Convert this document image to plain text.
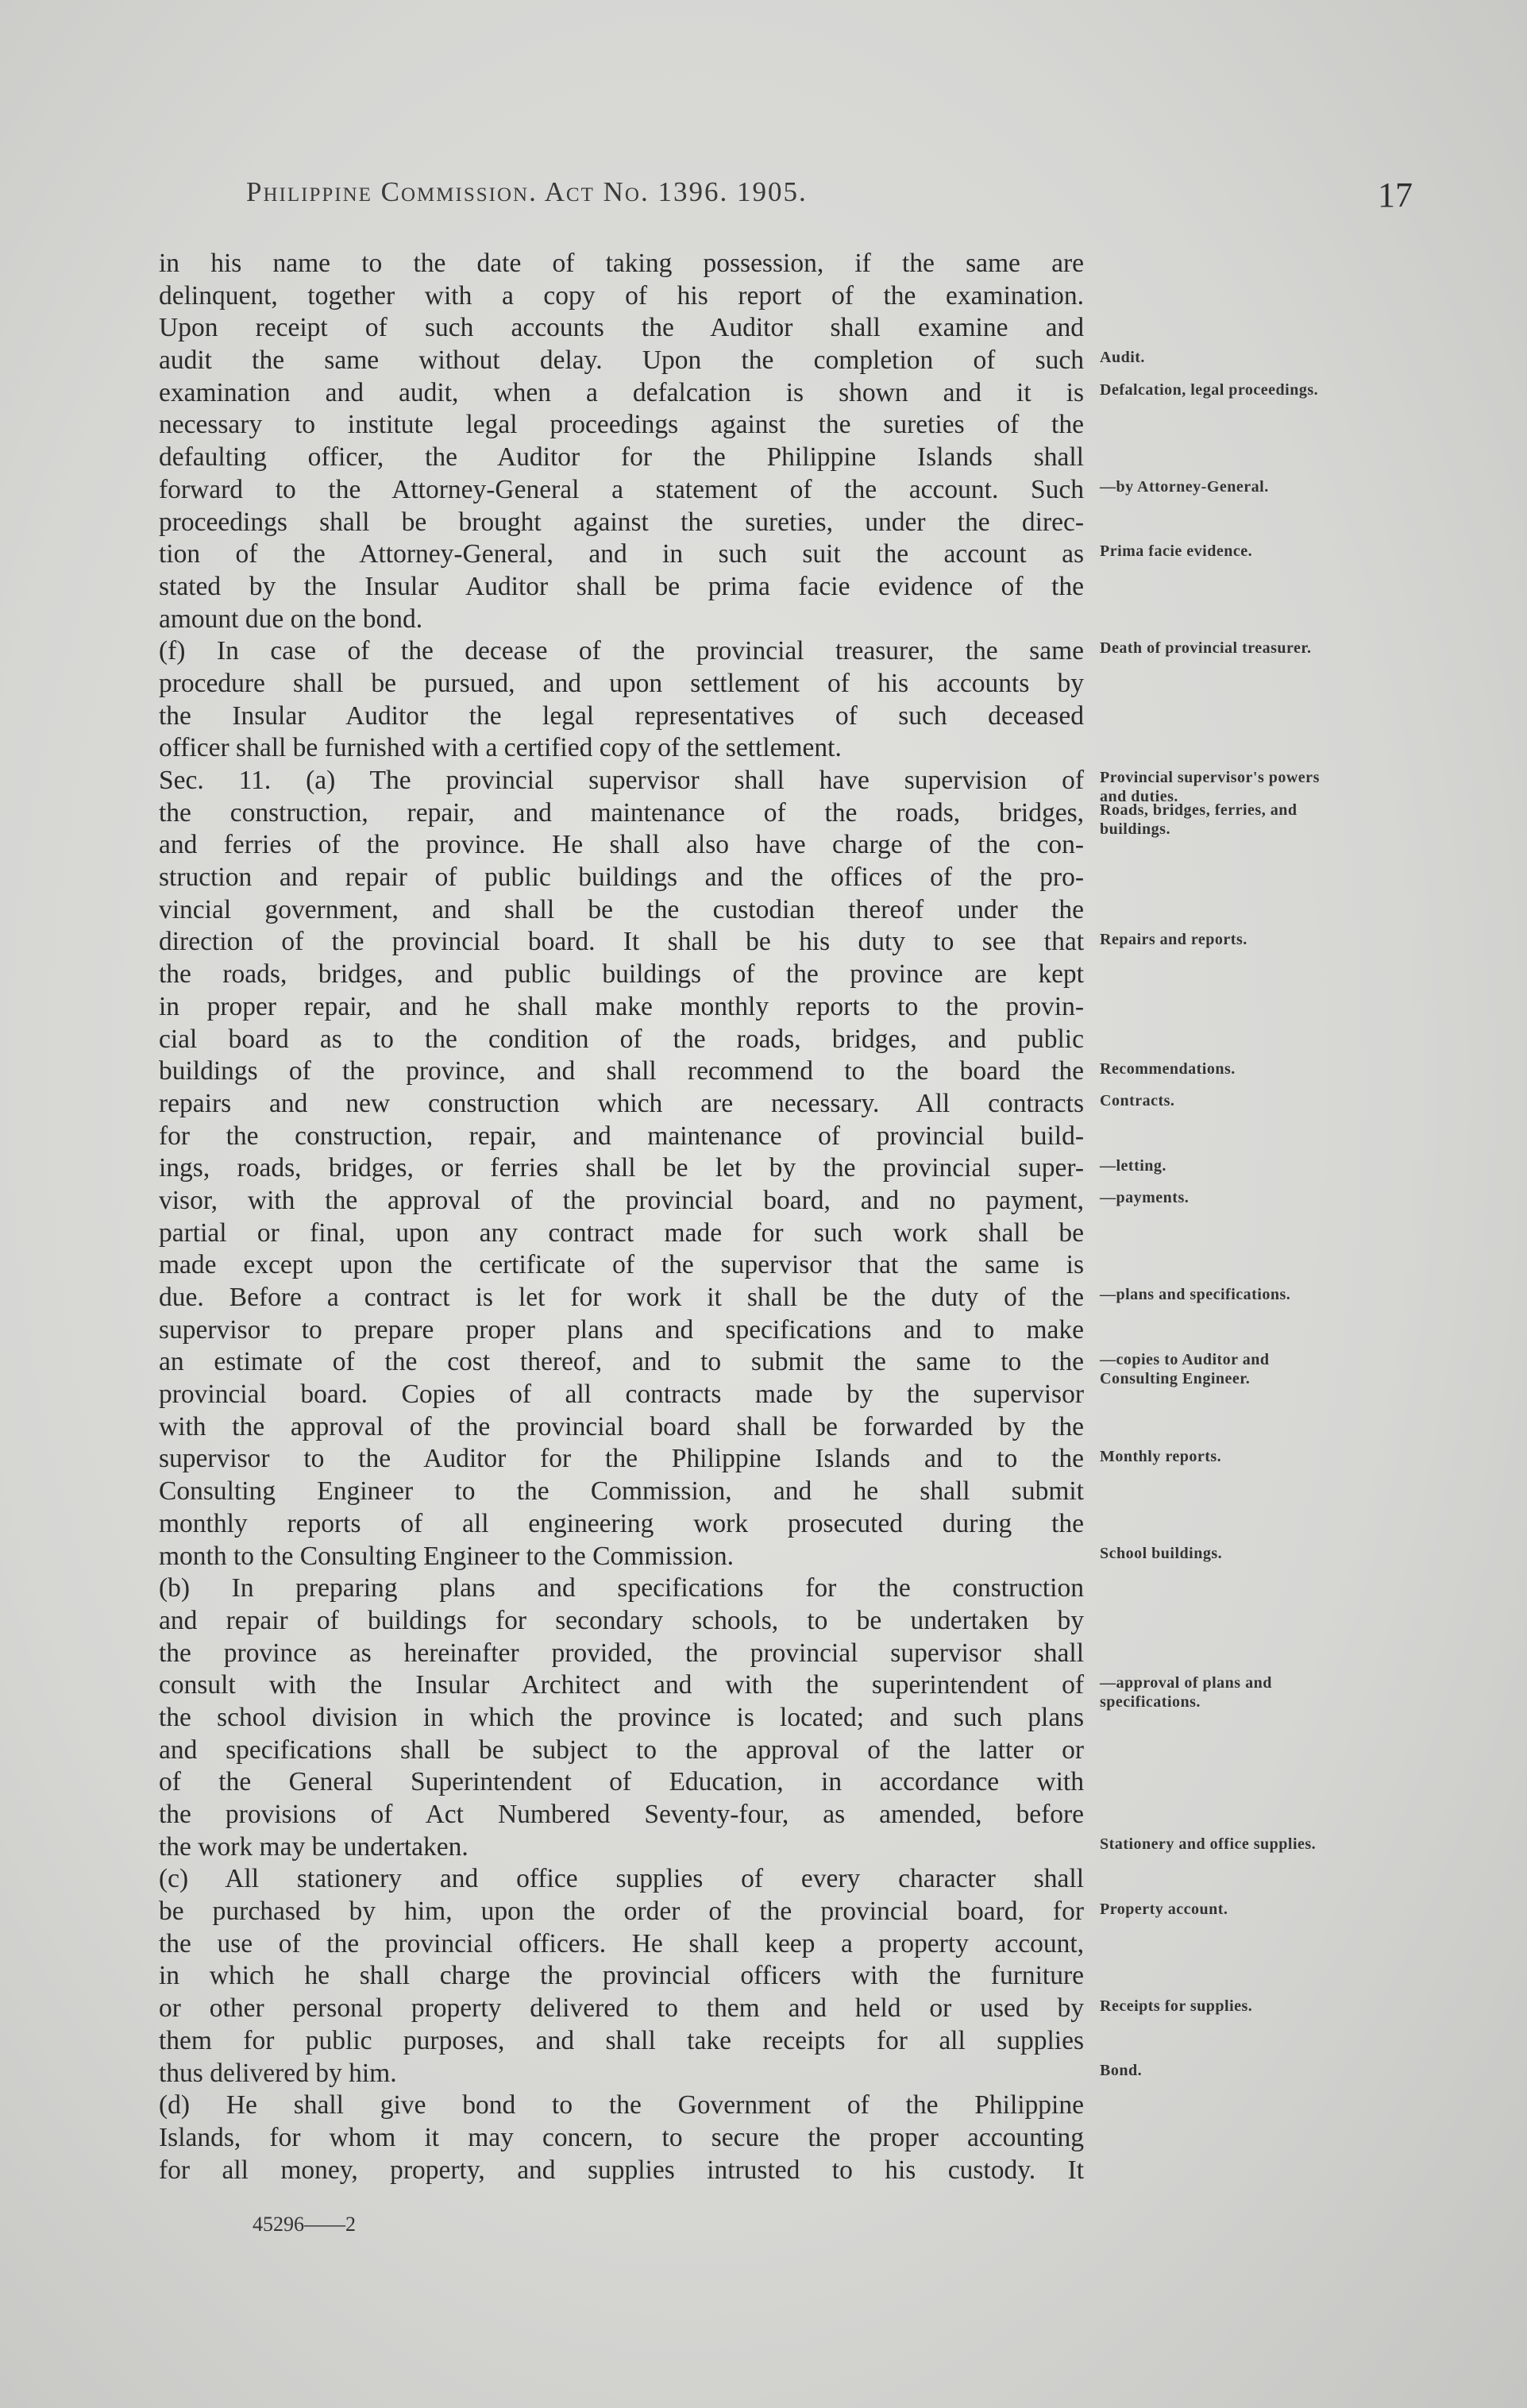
Philippine Commission. Act No. 1396. 1905.	17
in his name to the date of taking possession, if the same are
delinquent, together with a copy of his report of the examination.
Upon receipt of such accounts the Auditor shall examine and
audit the same without delay. Upon the completion of such
examination and audit, when a defalcation is shown and it is
necessary to institute legal proceedings against the sureties of the
defaulting officer, the Auditor for the Philippine Islands shall
forward to the Attorney-General a statement of the account. Such
proceedings shall be brought against the sureties, under the direc-
tion of the Attorney-General, and in such suit the account as
stated by the Insular Auditor shall be prima facie evidence of the
amount due on the bond.
(f) In case of the decease of the provincial treasurer, the same
procedure shall be pursued, and upon settlement of his accounts by
the Insular Auditor the legal representatives of such deceased
officer shall be furnished with a certified copy of the settlement.
Sec. 11. (a) The provincial supervisor shall have supervision of
the construction, repair, and maintenance of the roads, bridges,
and ferries of the province. He shall also have charge of the con-
struction and repair of public buildings and the offices of the pro-
vincial government, and shall be the custodian thereof under the
direction of the provincial board. It shall be his duty to see that
the roads, bridges, and public buildings of the province are kept
in proper repair, and he shall make monthly reports to the provin-
cial board as to the condition of the roads, bridges, and public
buildings of the province, and shall recommend to the board the
repairs and new construction which are necessary. All contracts
for the construction, repair, and maintenance of provincial build-
ings, roads, bridges, or ferries shall be let by the provincial super-
visor, with the approval of the provincial board, and no payment,
partial or final, upon any contract made for such work shall be
made except upon the certificate of the supervisor that the same is
due. Before a contract is let for work it shall be the duty of the
supervisor to prepare proper plans and specifications and to make
an estimate of the cost thereof, and to submit the same to the
provincial board. Copies of all contracts made by the supervisor
with the approval of the provincial board shall be forwarded by the
supervisor to the Auditor for the Philippine Islands and to the
Consulting Engineer to the Commission, and he shall submit
monthly reports of all engineering work prosecuted during the
month to the Consulting Engineer to the Commission.
(b) In preparing plans and specifications for the construction
and repair of buildings for secondary schools, to be undertaken by
the province as hereinafter provided, the provincial supervisor shall
consult with the Insular Architect and with the superintendent of
the school division in which the province is located; and such plans
and specifications shall be subject to the approval of the latter or
of the General Superintendent of Education, in accordance with
the provisions of Act Numbered Seventy-four, as amended, before
the work may be undertaken.
(c) All stationery and office supplies of every character shall
be purchased by him, upon the order of the provincial board, for
the use of the provincial officers. He shall keep a property account,
in which he shall charge the provincial officers with the furniture
or other personal property delivered to them and held or used by
them for public purposes, and shall take receipts for all supplies
thus delivered by him.
(d) He shall give bond to the Government of the Philippine
Islands, for whom it may concern, to secure the proper accounting
for all money, property, and supplies intrusted to his custody. It
Audit.
Defalcation, legal proceedings.
—by Attorney-General.
Prima facie evidence.
Death of provincial treasurer.
Provincial supervisor's powers and duties.
Roads, bridges, ferries, and buildings.
Repairs and reports.
Recommendations.
Contracts.
—letting.
—payments.
—plans and specifications.
—copies to Auditor and Consulting Engineer.
Monthly reports.
School buildings.
—approval of plans and specifications.
Stationery and office supplies.
Property account.
Receipts for supplies.
Bond.
45296——2
